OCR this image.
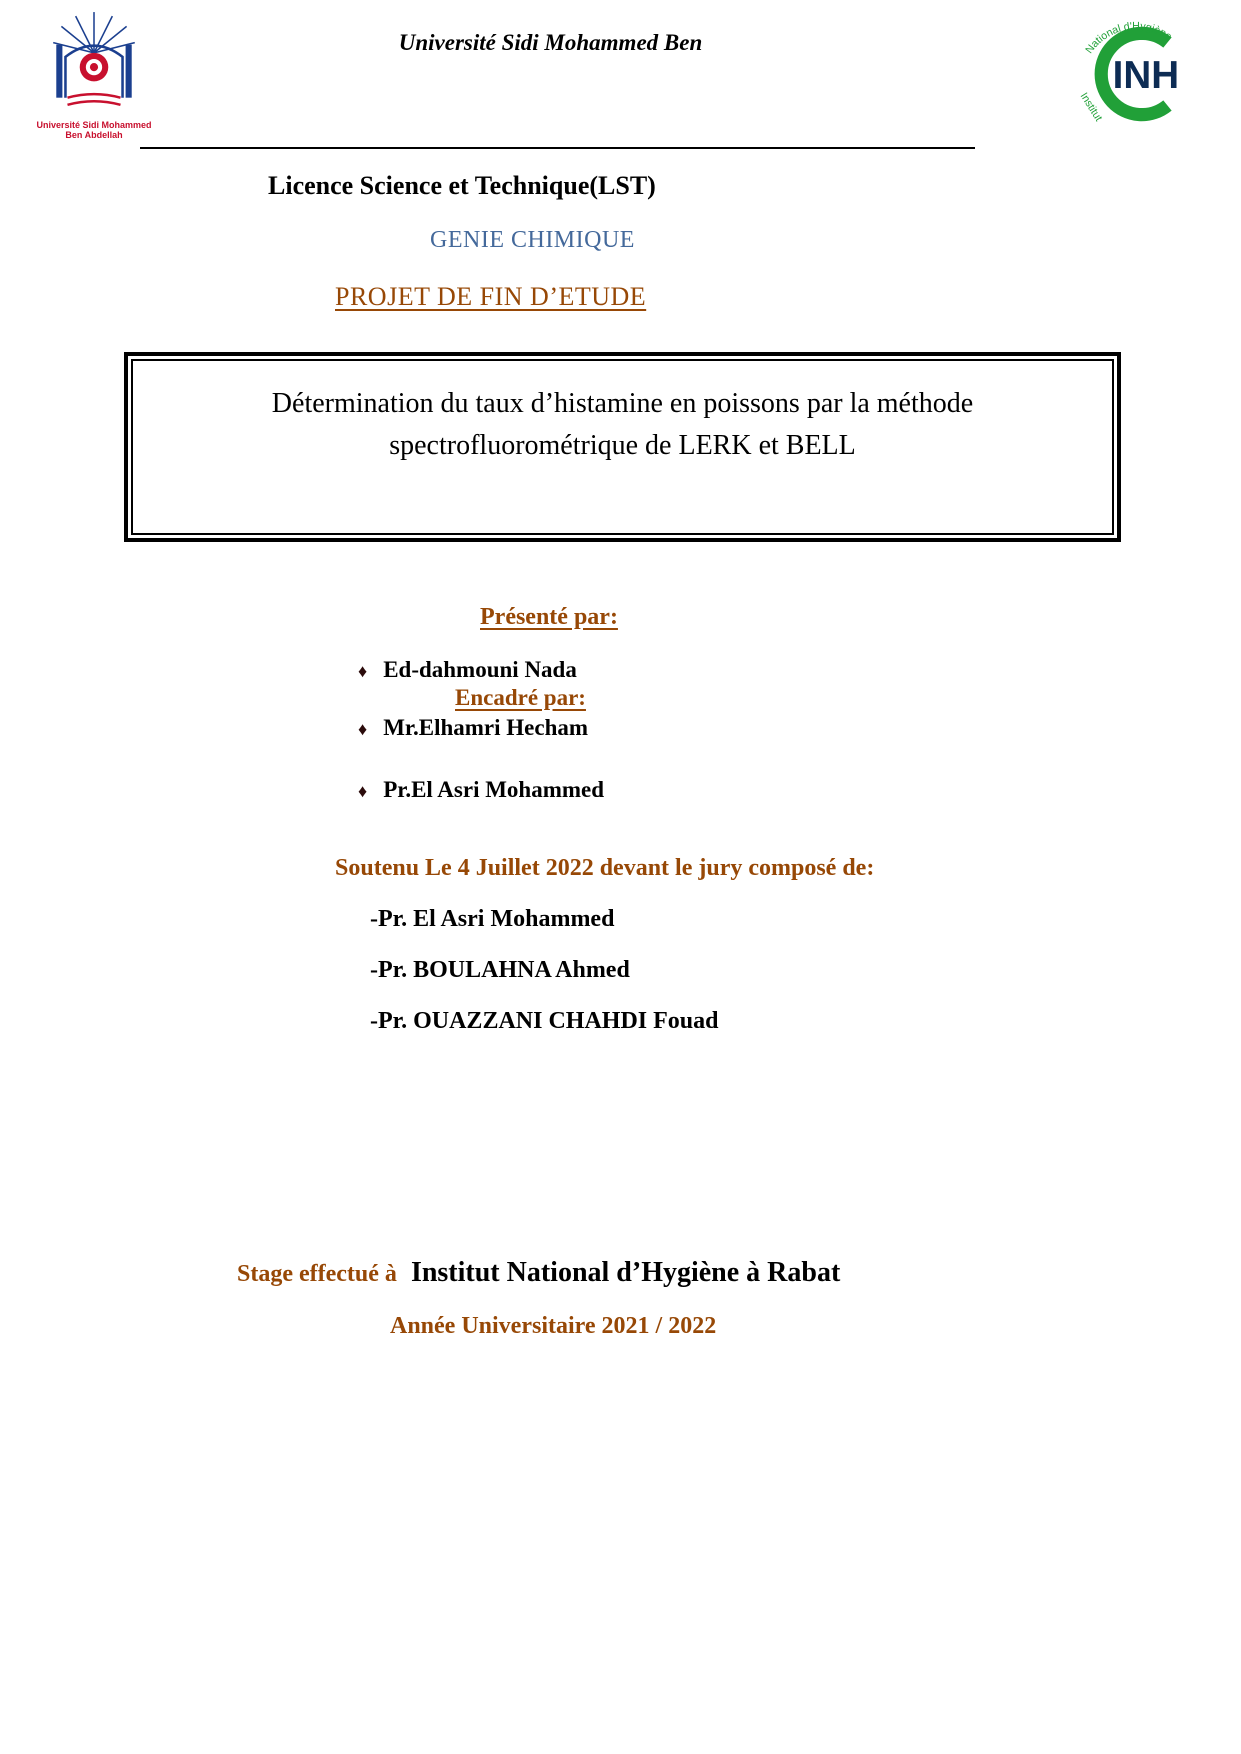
Université Sidi Mohammed
Ben Abdellah
Université Sidi Mohammed Ben
INH
National d'Hygiène
Institut
Licence Science et Technique(LST)
GENIE CHIMIQUE
PROJET DE FIN D’ETUDE
Détermination du taux d’histamine en poissons par la méthode spectrofluorométrique de LERK et BELL
Présenté par:
♦ Ed-dahmouni Nada
Encadré par:
♦ Mr.Elhamri Hecham
♦ Pr.El Asri Mohammed
Soutenu Le 4 Juillet 2022 devant le jury composé de:
-Pr. El Asri Mohammed
-Pr. BOULAHNA Ahmed
-Pr. OUAZZANI CHAHDI Fouad
Stage effectué à Institut National d’Hygiène à Rabat
Année Universitaire 2021 / 2022
